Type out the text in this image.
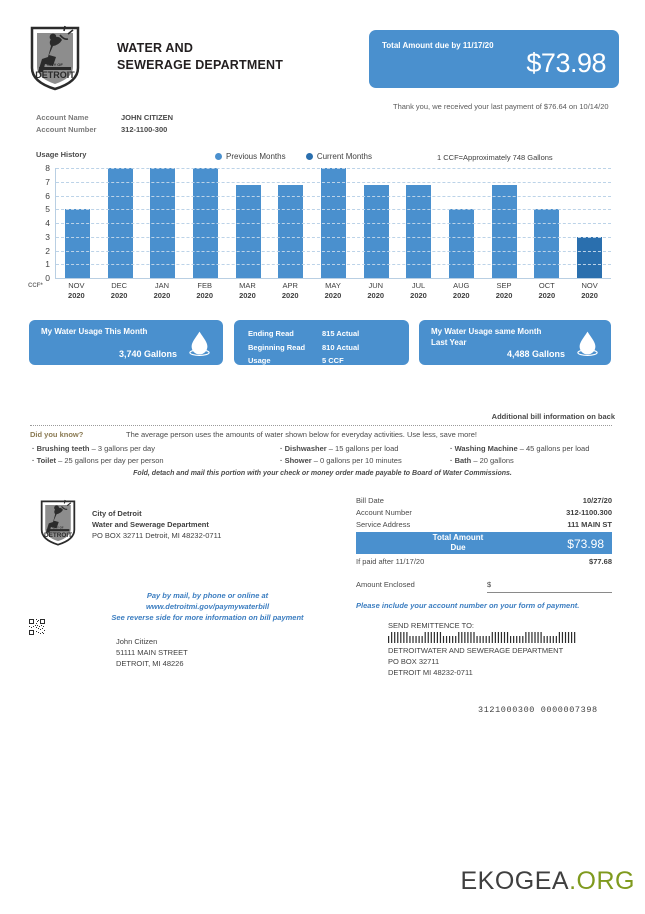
CITY OF
DETROIT
WATER AND
SEWERAGE DEPARTMENT
Total Amount due by 11/17/20
$73.98
Thank you, we received your last payment of $76.64 on 10/14/20
Account Name	JOHN CITIZEN
Account Number	312-1100-300
Usage History	Previous Months	Current Months	1 CCF=Approximately 748 Gallons
0
1
2
3
4
5
6
7
8
CCF*	NOV
2020
DEC
2020
JAN
2020
FEB
2020
MAR
2020
APR
2020
MAY
2020
JUN
2020
JUL
2020
AUG
2020
SEP
2020
OCT
2020
NOV
2020
My Water Usage This Month
3,740 Gallons
Ending Read	815 Actual
Beginning Read	810 Actual
Usage	5 CCF
My Water Usage same Month
Last Year
4,488 Gallons
Additional bill information on back
Did you know?	The average person uses the amounts of water shown below for everyday activities. Use less, save more!
· Brushing teeth – 3 gallons per day
· Toilet – 25 gallons per day per person
· Dishwasher – 15 gallons per load
· Shower – 0 gallons per 10 minutes
· Washing Machine – 45 gallons per load
· Bath – 20 gallons
Fold, detach and mail this portion with your check or money order made payable to Board of Water Commissions.
CITY OF
DETROIT
City of Detroit
Water and Sewerage Department
PO BOX 32711 Detroit, MI 48232-0711
Bill Date	10/27/20
Account Number	312-1100.300
Service Address	111 MAIN ST
Total Amount
Due	$73.98
If paid after 11/17/20	$77.68
Amount Enclosed	$
Pay by mail, by phone or online at www.detroitmi.gov/paymywaterbill
See reverse side for more information on bill payment
Please include your account number on your form of payment.
John Citizen
51111 MAIN STREET
DETROIT, MI 48226
SEND REMITTENCE TO:
DETROITWATER AND SEWERAGE DEPARTMENT
PO BOX 32711
DETROIT MI 48232-0711
3121000300 0000007398
EKOGEA.ORG
